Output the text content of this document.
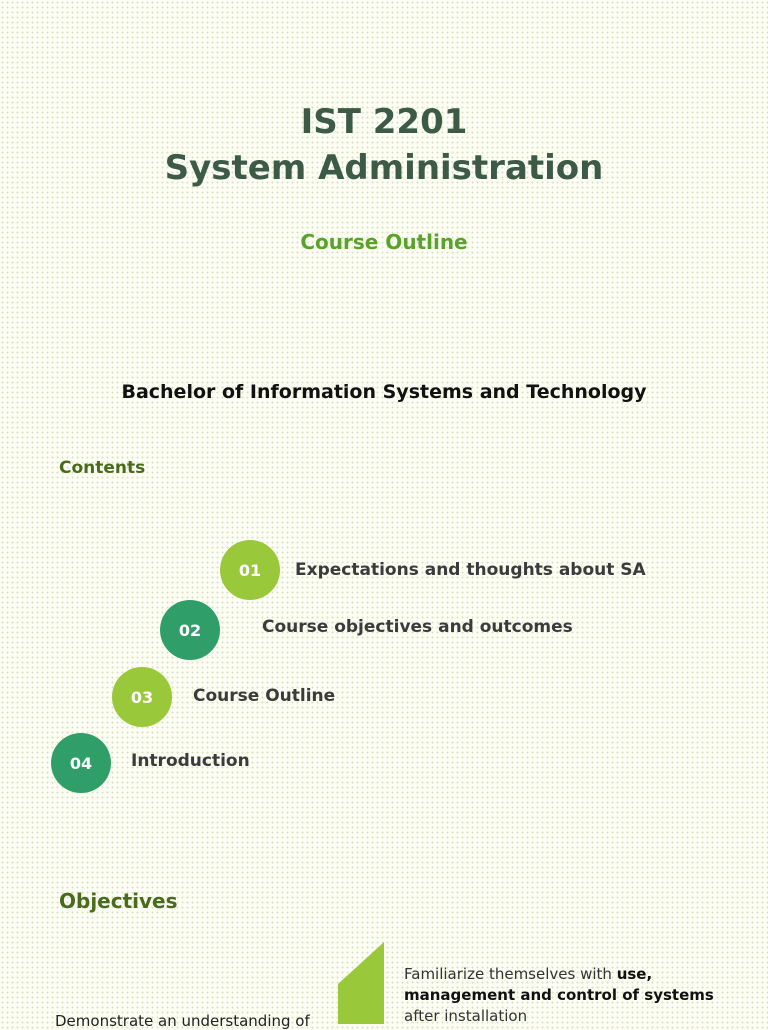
IST 2201
System Administration
Course Outline
Bachelor of Information Systems and Technology
Contents
01	Expectations and thoughts about SA
02	Course objectives and outcomes
03	Course Outline
04	Introduction
Objectives
Familiarize themselves with use, management and control of systems after installation
Demonstrate an understanding of
